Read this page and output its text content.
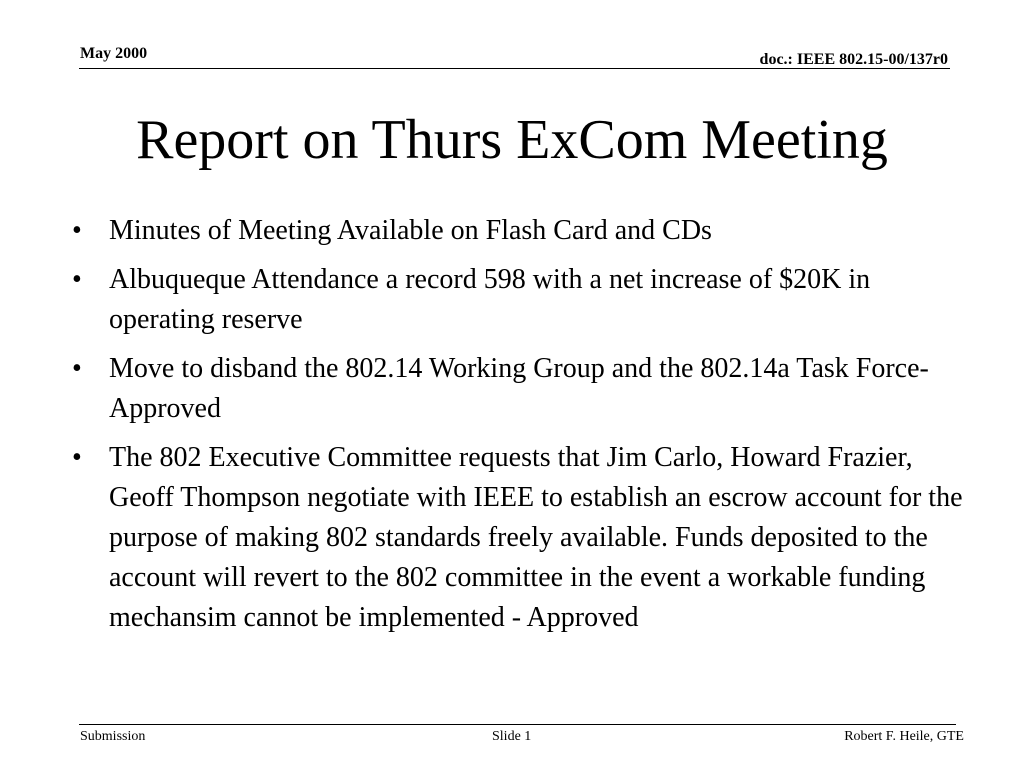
May 2000	doc.: IEEE 802.15-00/137r0
Report on Thurs ExCom Meeting
• Minutes of Meeting Available on Flash Card and CDs
• Albuqueque Attendance a record 598 with a net increase of $20K in operating reserve
• Move to disband the 802.14 Working Group and the 802.14a Task Force-Approved
• The 802 Executive Committee requests that Jim Carlo, Howard Frazier, Geoff Thompson negotiate with IEEE to establish an escrow account for the purpose of making 802 standards freely available. Funds deposited to the account will revert to the 802 committee in the event a workable funding mechansim cannot be implemented - Approved
Submission	Slide 1	Robert F. Heile, GTE
